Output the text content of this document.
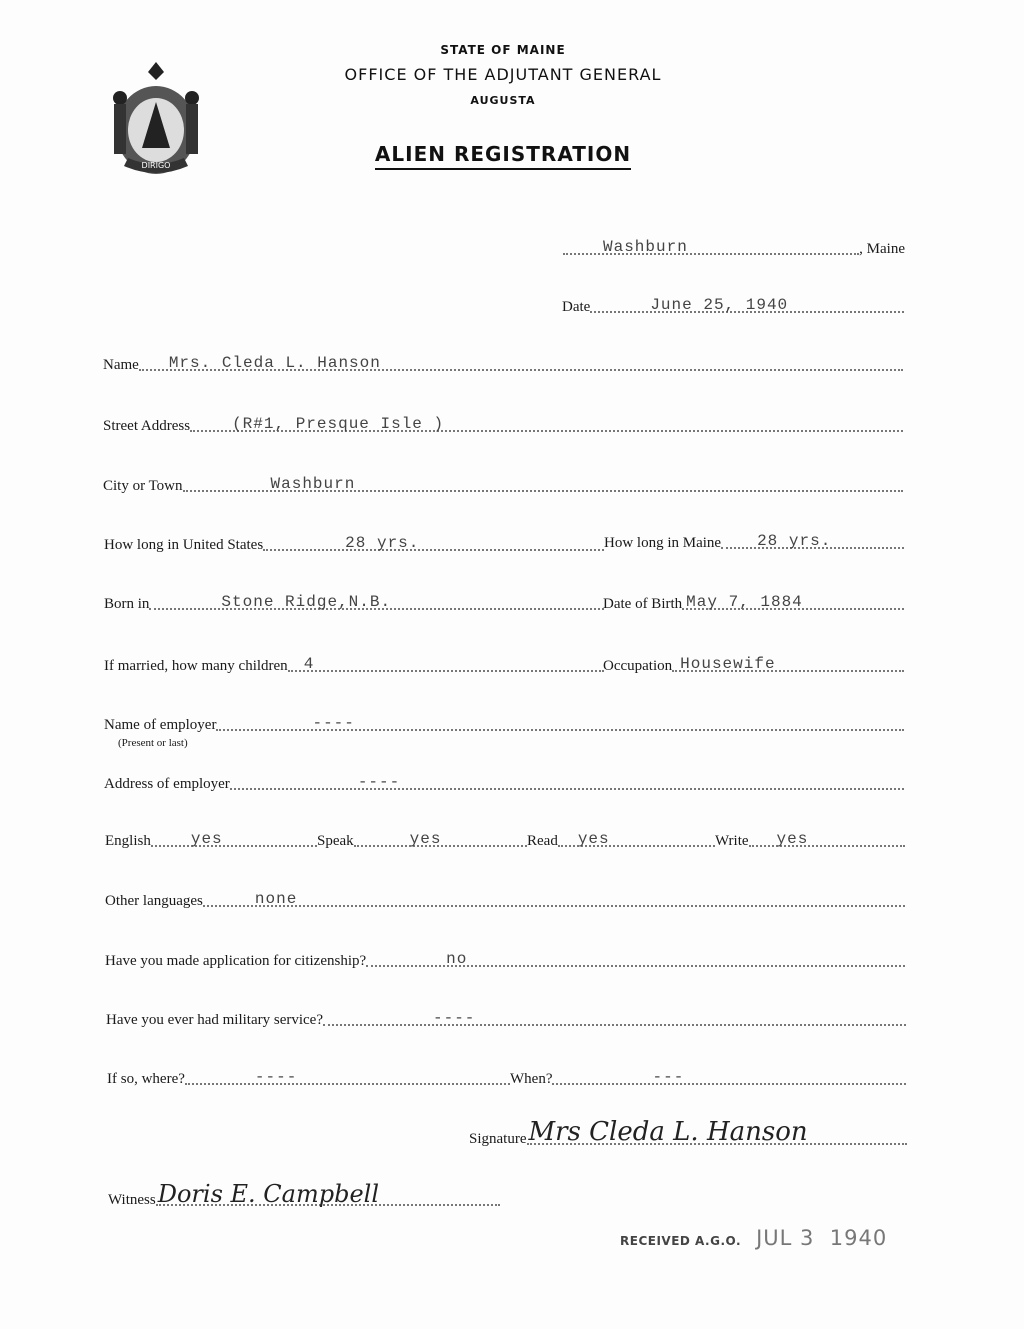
DIRIGO
STATE OF MAINE
OFFICE OF THE ADJUTANT GENERAL
AUGUSTA
ALIEN REGISTRATION
Washburn	, Maine
Date	June 25, 1940
Name Mrs. Cleda L. Hanson
Street Address	(R#1, Presque Isle )
City or Town	Washburn
How long in United States	28 yrs.	How long in Maine 28 yrs.
Born in	Stone Ridge,N.B.	Date of Birth May 7, 1884
If married, how many children 4	Occupation Housewife
Name of employer	----
(Present or last)
Address of employer	----
English	yes	Speak	yes	Read yes	Write yes
Other languages	none
Have you made application for citizenship?	no
Have you ever had military service?	----
If so, where?	----	When?	---
Signature Mrs Cleda L. Hanson
Witness Doris E. Campbell
RECEIVED A.G.O. JUL 3  1940
